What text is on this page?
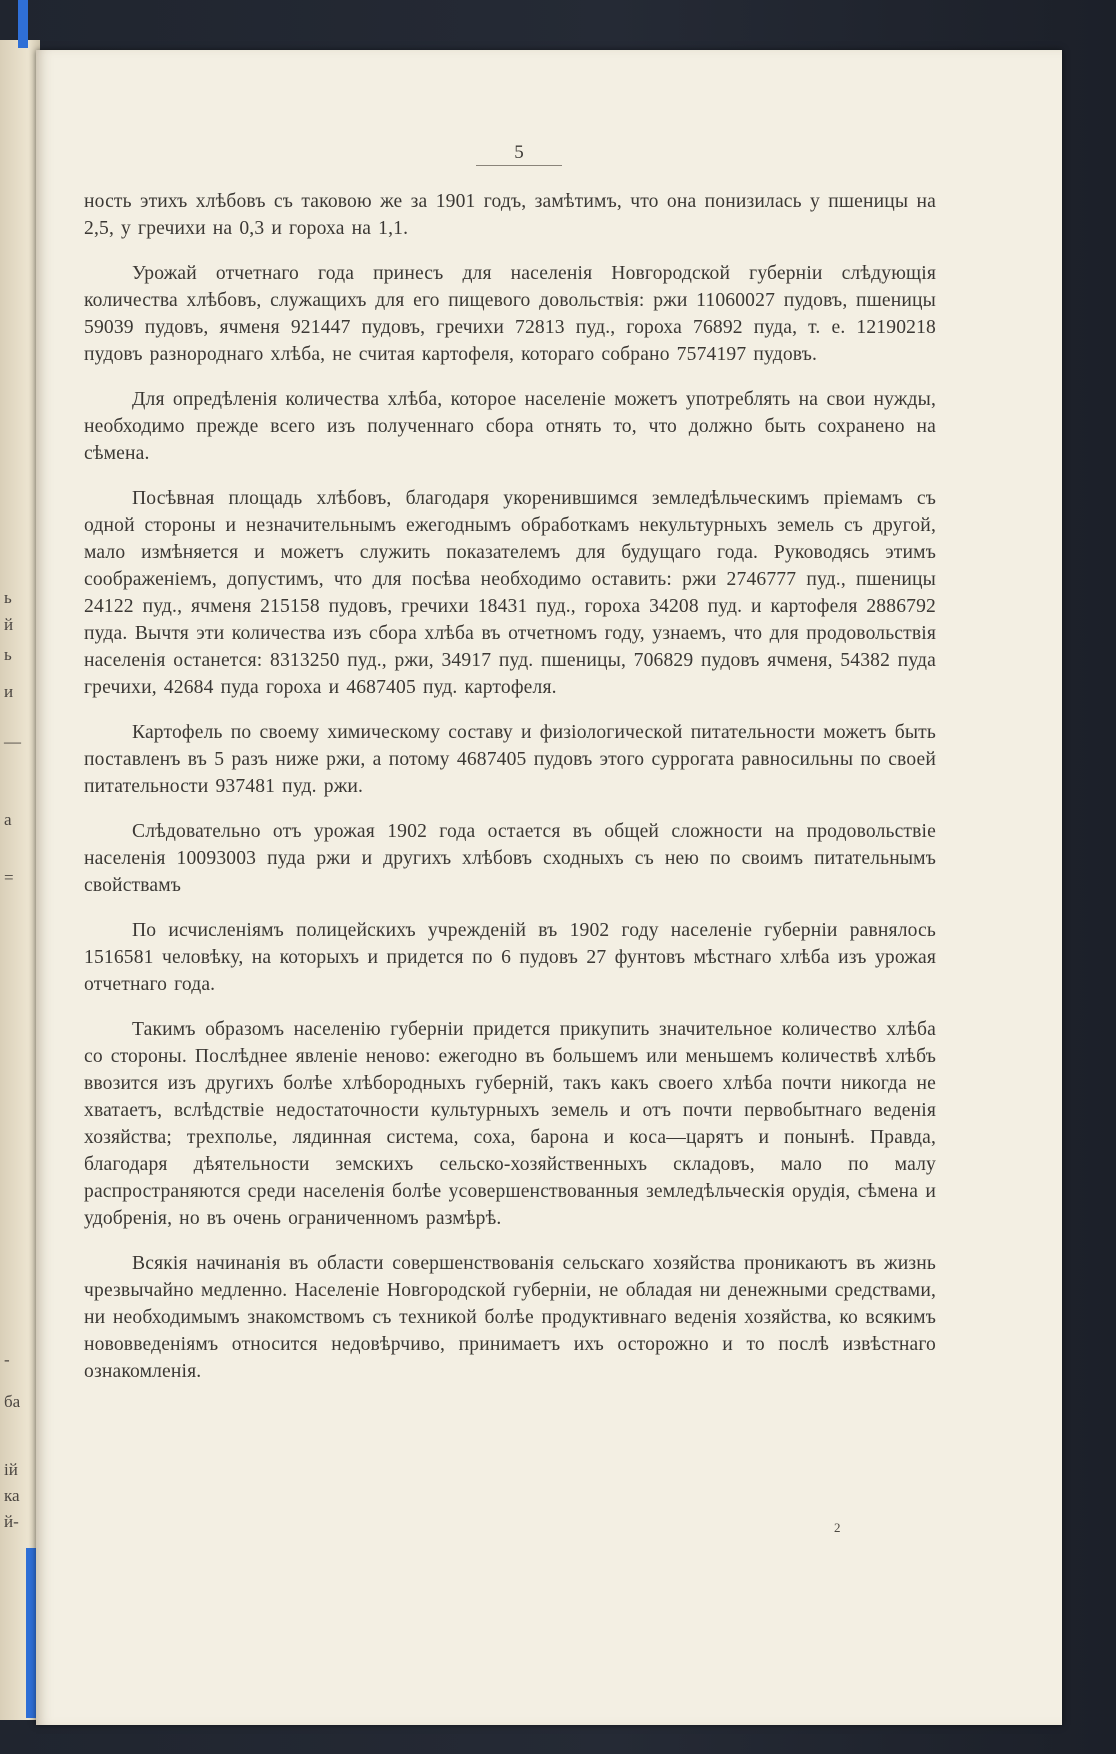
ь
й
ь
и
—
а
=
-
ба
ій
ка
й-
5

ность этихъ хлѣбовъ съ таковою же за 1901 годъ, замѣтимъ, что она понизилась у пшеницы на 2,5, у гречихи на 0,3 и гороха на 1,1.

Урожай отчетнаго года принесъ для населенія Новгородской губерніи слѣдующія количества хлѣбовъ, служащихъ для его пищевого довольствія: ржи 11060027 пудовъ, пшеницы 59039 пудовъ, ячменя 921447 пудовъ, гречихи 72813 пуд., гороха 76892 пуда, т. е. 12190218 пудовъ разнороднаго хлѣба, не считая картофеля, котораго собрано 7574197 пудовъ.

Для опредѣленія количества хлѣба, которое населеніе можетъ употреблять на свои нужды, необходимо прежде всего изъ полученнаго сбора отнять то, что должно быть сохранено на сѣмена.

Посѣвная площадь хлѣбовъ, благодаря укоренившимся земледѣльческимъ пріемамъ съ одной стороны и незначительнымъ ежегоднымъ обработкамъ некультурныхъ земель съ другой, мало измѣняется и можетъ служить показателемъ для будущаго года. Руководясь этимъ соображеніемъ, допустимъ, что для посѣва необходимо оставить: ржи 2746777 пуд., пшеницы 24122 пуд., ячменя 215158 пудовъ, гречихи 18431 пуд., гороха 34208 пуд. и картофеля 2886792 пуда. Вычтя эти количества изъ сбора хлѣба въ отчетномъ году, узнаемъ, что для продовольствія населенія останется: 8313250 пуд., ржи, 34917 пуд. пшеницы, 706829 пудовъ ячменя, 54382 пуда гречихи, 42684 пуда гороха и 4687405 пуд. картофеля.

Картофель по своему химическому составу и физіологической питательности можетъ быть поставленъ въ 5 разъ ниже ржи, а потому 4687405 пудовъ этого суррогата равносильны по своей питательности 937481 пуд. ржи.

Слѣдовательно отъ урожая 1902 года остается въ общей сложности на продовольствіе населенія 10093003 пуда ржи и другихъ хлѣбовъ сходныхъ съ нею по своимъ питательнымъ свойствамъ

По исчисленіямъ полицейскихъ учрежденій въ 1902 году населеніе губерніи равнялось 1516581 человѣку, на которыхъ и придется по 6 пудовъ 27 фунтовъ мѣстнаго хлѣба изъ урожая отчетнаго года.

Такимъ образомъ населенію губерніи придется прикупить значительное количество хлѣба со стороны. Послѣднее явленіе неново: ежегодно въ большемъ или меньшемъ количествѣ хлѣбъ ввозится изъ другихъ болѣе хлѣбородныхъ губерній, такъ какъ своего хлѣба почти никогда не хватаетъ, вслѣдствіе недостаточности культурныхъ земель и отъ почти первобытнаго веденія хозяйства; трехполье, лядинная система, соха, барона и коса—царятъ и понынѣ. Правда, благодаря дѣятельности земскихъ сельско-хозяйственныхъ складовъ, мало по малу распространяются среди населенія болѣе усовершенствованныя земледѣльческія орудія, сѣмена и удобренія, но въ очень ограниченномъ размѣрѣ.

Всякія начинанія въ области совершенствованія сельскаго хозяйства проникаютъ въ жизнь чрезвычайно медленно. Населеніе Новгородской губерніи, не обладая ни денежными средствами, ни необходимымъ знакомствомъ съ техникой болѣе продуктивнаго веденія хозяйства, ко всякимъ нововведеніямъ относится недовѣрчиво, принимаетъ ихъ осторожно и то послѣ извѣстнаго ознакомленія.

2
